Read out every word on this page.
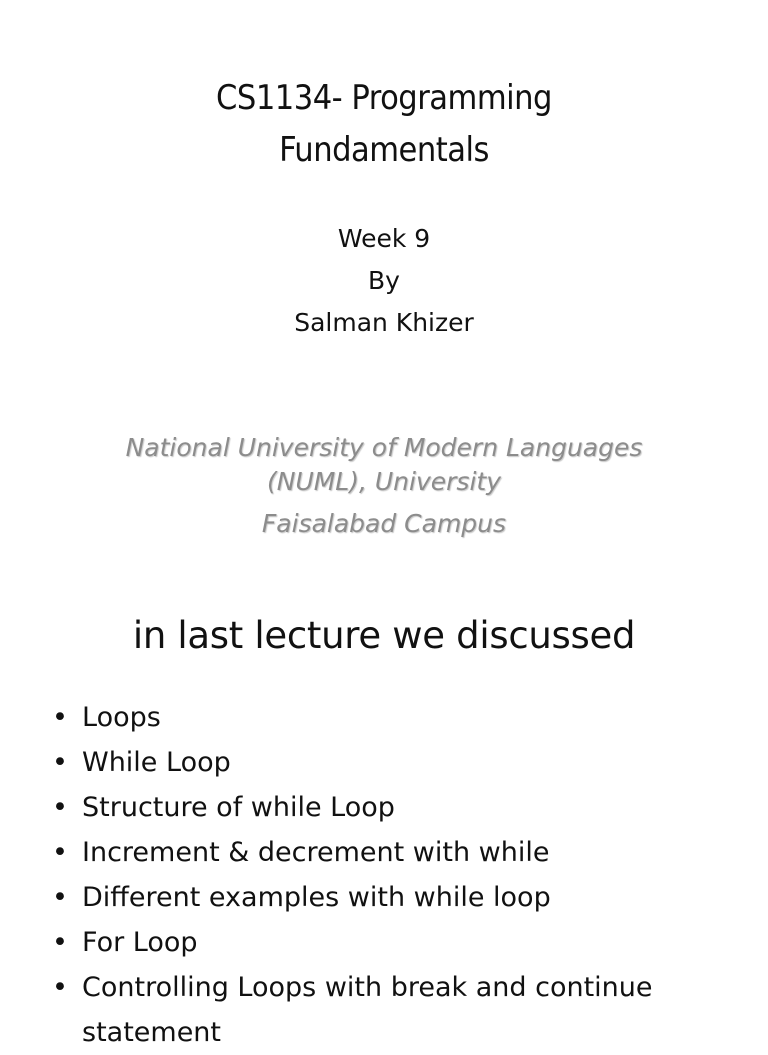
CS1134- Programming
Fundamentals
Week 9
By
Salman Khizer
National University of Modern Languages
(NUML), University
Faisalabad Campus
in last lecture we discussed
• Loops
• While Loop
• Structure of while Loop
• Increment & decrement with while
• Different examples with while loop
• For Loop
• Controlling Loops with break and continue
statement
